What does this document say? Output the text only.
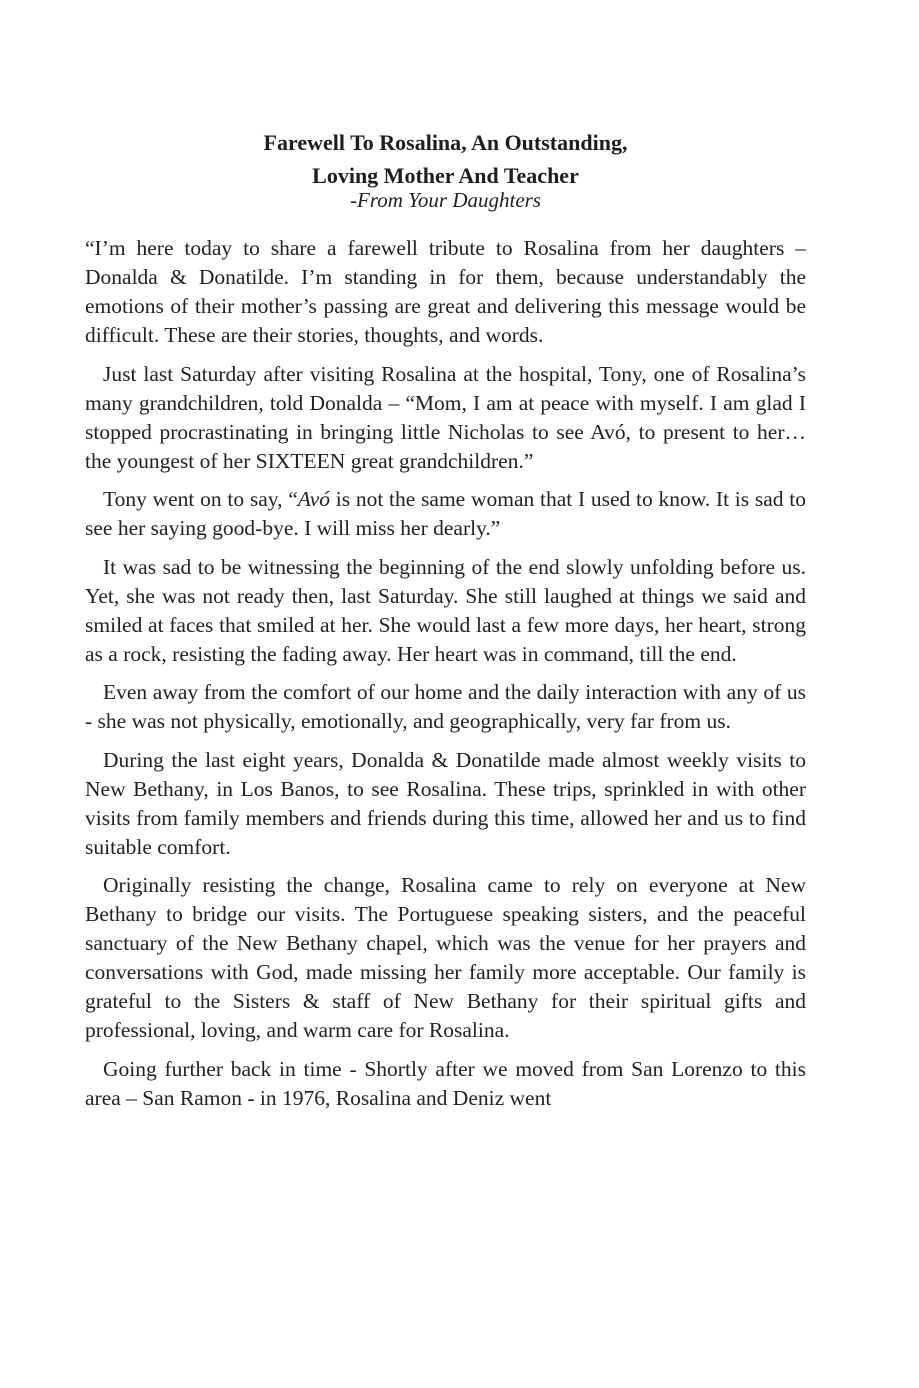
Farewell To Rosalina, An Outstanding,
Loving Mother And Teacher

-From Your Daughters

“I’m here today to share a farewell tribute to Rosalina from her daughters – Donalda & Donatilde. I’m standing in for them, because understandably the emotions of their mother’s passing are great and delivering this message would be difficult. These are their stories, thoughts, and words.

Just last Saturday after visiting Rosalina at the hospital, Tony, one of Rosalina’s many grandchildren, told Donalda – “Mom, I am at peace with myself. I am glad I stopped procrastinating in bringing little Nicholas to see Avó, to present to her… the youngest of her SIXTEEN great grandchildren.”

Tony went on to say, “Avó is not the same woman that I used to know. It is sad to see her saying good-bye. I will miss her dearly.”

It was sad to be witnessing the beginning of the end slowly unfolding before us. Yet, she was not ready then, last Saturday. She still laughed at things we said and smiled at faces that smiled at her. She would last a few more days, her heart, strong as a rock, resisting the fading away. Her heart was in command, till the end.

Even away from the comfort of our home and the daily interaction with any of us - she was not physically, emotionally, and geographically, very far from us.

During the last eight years, Donalda & Donatilde made almost weekly visits to New Bethany, in Los Banos, to see Rosalina. These trips, sprinkled in with other visits from family members and friends during this time, allowed her and us to find suitable comfort.

Originally resisting the change, Rosalina came to rely on everyone at New Bethany to bridge our visits. The Portuguese speaking sisters, and the peaceful sanctuary of the New Bethany chapel, which was the venue for her prayers and conversations with God, made missing her family more acceptable. Our family is grateful to the Sisters & staff of New Bethany for their spiritual gifts and professional, loving, and warm care for Rosalina.

Going further back in time - Shortly after we moved from San Lorenzo to this area – San Ramon - in 1976, Rosalina and Deniz went
